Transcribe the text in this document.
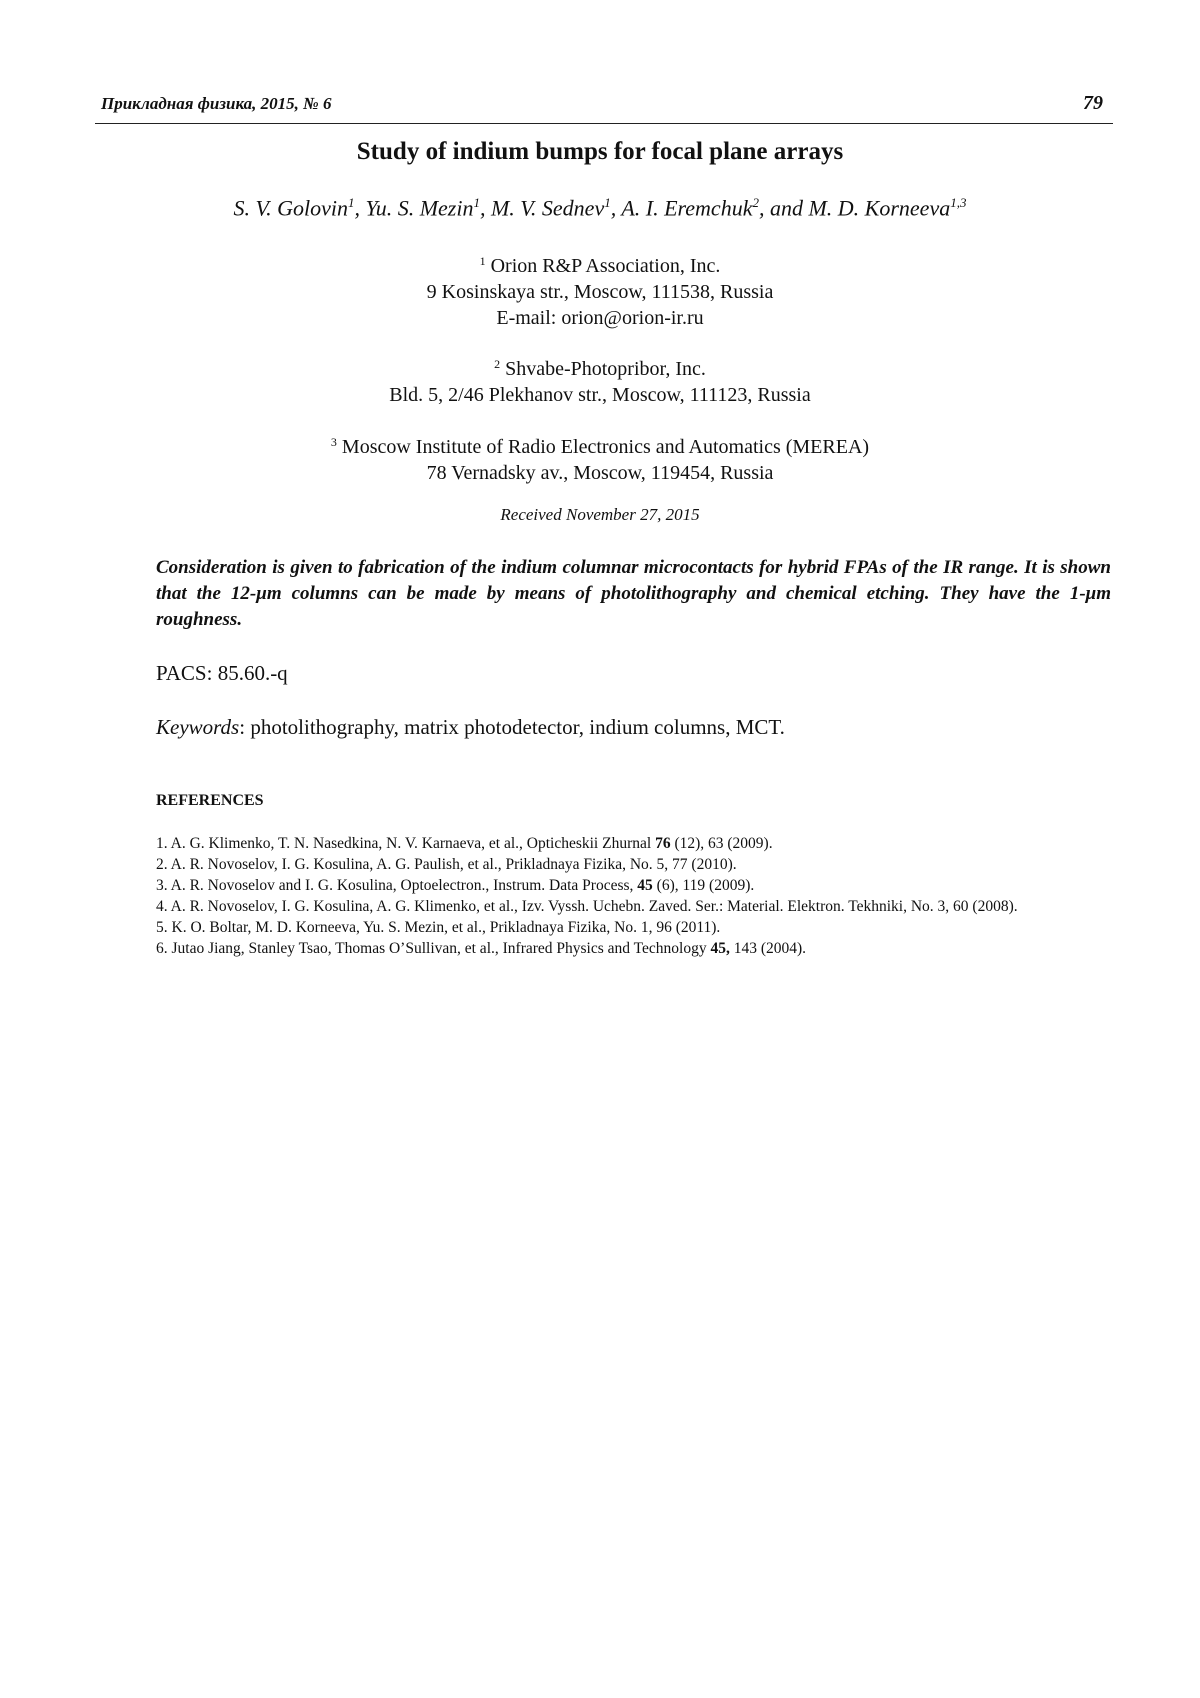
Прикладная физика, 2015, № 6	79
Study of indium bumps for focal plane arrays
S. V. Golovin$^1$, Yu. S. Mezin$^1$, M. V. Sednev$^1$, A. I. Eremchuk$^2$, and M. D. Korneeva$^{1,3}$
$^1$ Orion R&P Association, Inc.
9 Kosinskaya str., Moscow, 111538, Russia
E-mail: orion@orion-ir.ru
$^2$ Shvabe-Photopribor, Inc.
Bld. 5, 2/46 Plekhanov str., Moscow, 111123, Russia
$^3$ Moscow Institute of Radio Electronics and Automatics (MEREA)
78 Vernadsky av., Moscow, 119454, Russia
Received November 27, 2015
Consideration is given to fabrication of the indium columnar microcontacts for hybrid FPAs of the IR range. It is shown that the 12-μm columns can be made by means of photolithography and chemical etching. They have the 1-μm roughness.
PACS: 85.60.-q
Keywords: photolithography, matrix photodetector, indium columns, MCT.
REFERENCES
1. A. G. Klimenko, T. N. Nasedkina, N. V. Karnaeva, et al., Opticheskii Zhurnal 76 (12), 63 (2009).
2. A. R. Novoselov, I. G. Kosulina, A. G. Paulish, et al., Prikladnaya Fizika, No. 5, 77 (2010).
3. A. R. Novoselov and I. G. Kosulina, Optoelectron., Instrum. Data Process, 45 (6), 119 (2009).
4. A. R. Novoselov, I. G. Kosulina, A. G. Klimenko, et al., Izv. Vyssh. Uchebn. Zaved. Ser.: Material. Elektron. Tekhniki, No. 3, 60 (2008).
5. K. O. Boltar, M. D. Korneeva, Yu. S. Mezin, et al., Prikladnaya Fizika, No. 1, 96 (2011).
6. Jutao Jiang, Stanley Tsao, Thomas O’Sullivan, et al., Infrared Physics and Technology 45, 143 (2004).
